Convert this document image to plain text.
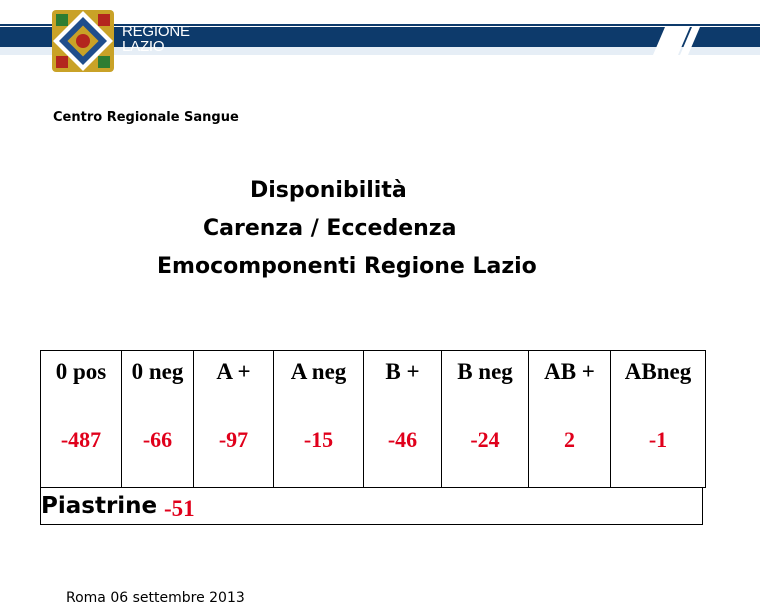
REGIONE
LAZIO
Centro Regionale Sangue
Disponibilità
Carenza / Eccedenza
Emocomponenti Regione Lazio
0 pos
-487
0 neg
-66
A +
-97
A neg
-15
B +
-46
B neg
-24
AB +
2
ABneg
-1
Piastrine -51
Roma 06 settembre 2013
